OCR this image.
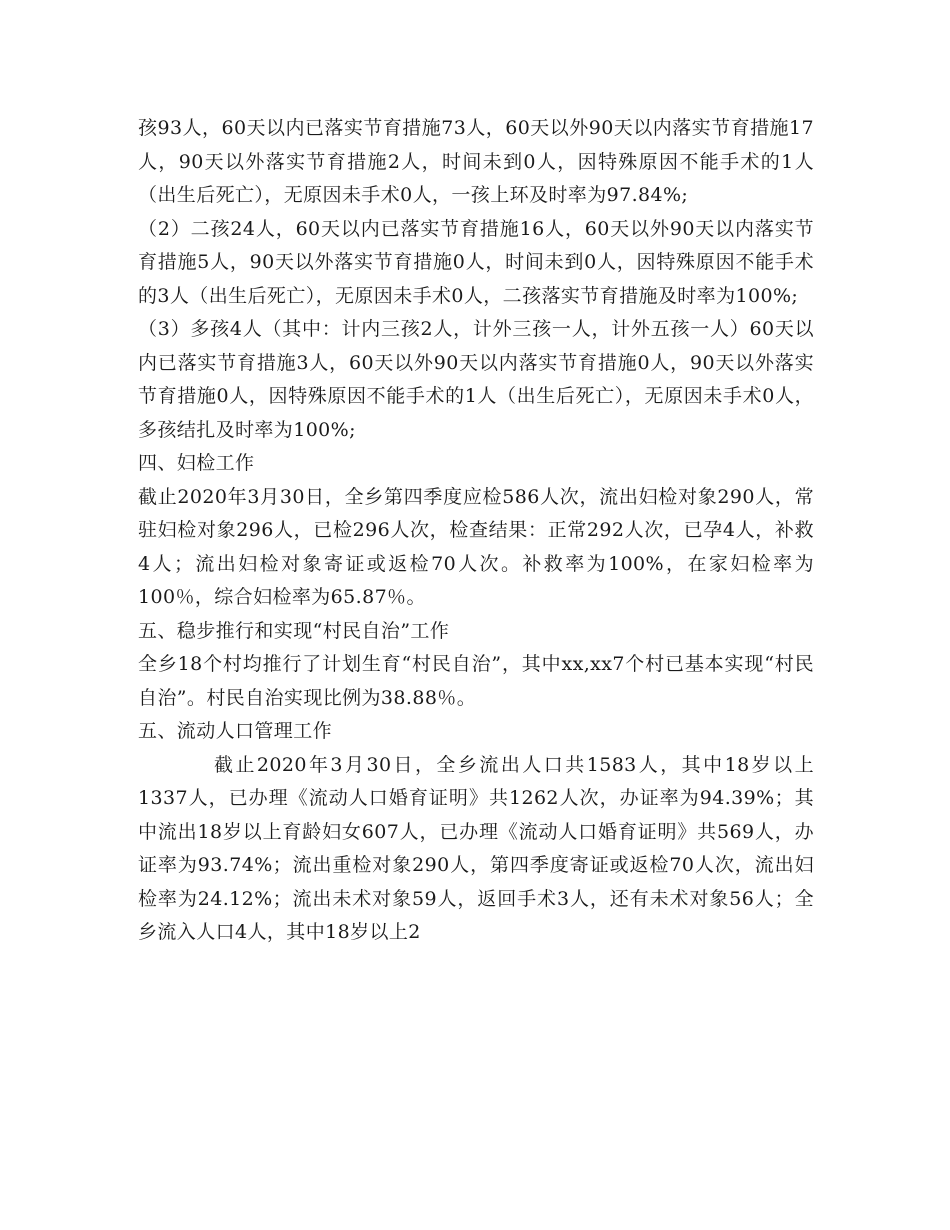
孩93人，60天以内已落实节育措施73人，60天以外90天以内落实节育措施17人，90天以外落实节育措施2人，时间未到0人，因特殊原因不能手术的1人（出生后死亡），无原因未手术0人，一孩上环及时率为97.84%;

（2）二孩24人，60天以内已落实节育措施16人，60天以外90天以内落实节育措施5人，90天以外落实节育措施0人，时间未到0人，因特殊原因不能手术的3人（出生后死亡），无原因未手术0人，二孩落实节育措施及时率为100%;

（3）多孩4人（其中：计内三孩2人，计外三孩一人，计外五孩一人）60天以内已落实节育措施3人，60天以外90天以内落实节育措施0人，90天以外落实节育措施0人，因特殊原因不能手术的1人（出生后死亡），无原因未手术0人，多孩结扎及时率为100%;

四、妇检工作

截止2020年3月30日，全乡第四季度应检586人次，流出妇检对象290人，常驻妇检对象296人，已检296人次，检查结果：正常292人次，已孕4人，补救4人；流出妇检对象寄证或返检70人次。补救率为100%，在家妇检率为100％，综合妇检率为65.87％。

五、稳步推行和实现“村民自治”工作

全乡18个村均推行了计划生育“村民自治”，其中xx,xx7个村已基本实现“村民自治”。村民自治实现比例为38.88％。

五、流动人口管理工作

截止2020年3月30日，全乡流出人口共1583人，其中18岁以上1337人，已办理《流动人口婚育证明》共1262人次，办证率为94.39%；其中流出18岁以上育龄妇女607人，已办理《流动人口婚育证明》共569人，办证率为93.74%；流出重检对象290人，第四季度寄证或返检70人次，流出妇检率为24.12%；流出未术对象59人，返回手术3人，还有未术对象56人；全乡流入人口4人，其中18岁以上2
